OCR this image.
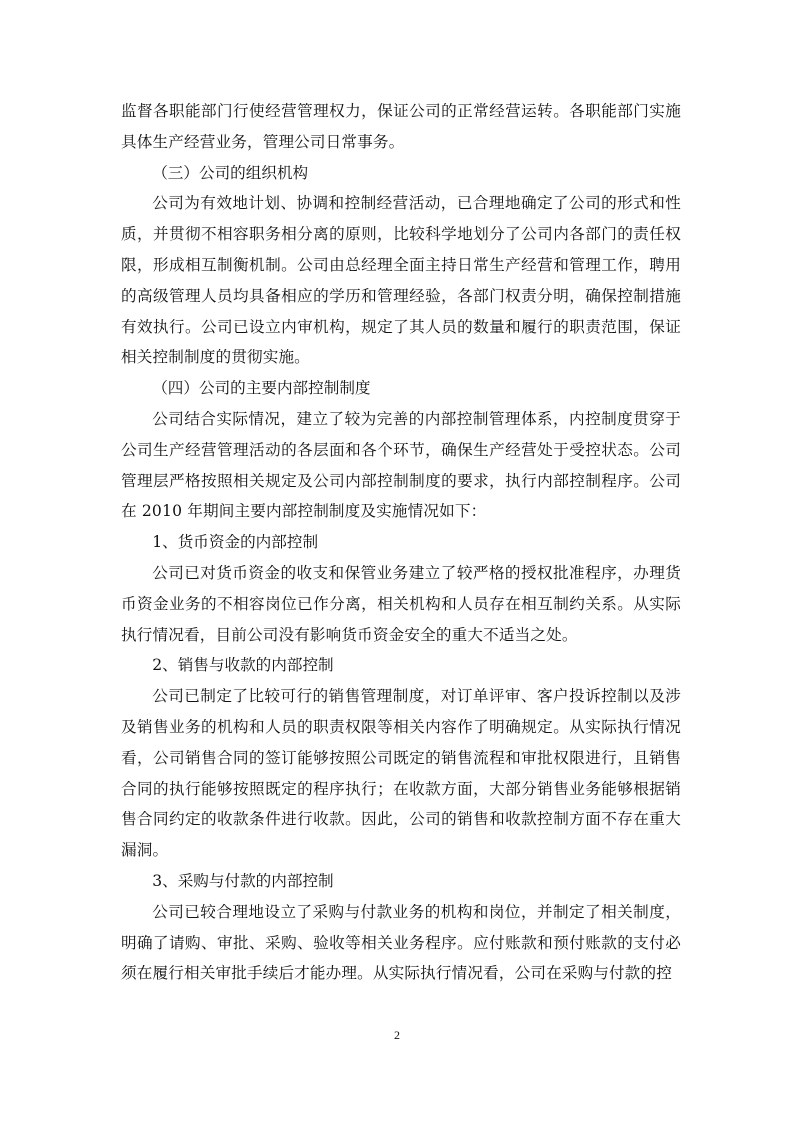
监督各职能部门行使经营管理权力，保证公司的正常经营运转。各职能部门实施具体生产经营业务，管理公司日常事务。

（三）公司的组织机构

公司为有效地计划、协调和控制经营活动，已合理地确定了公司的形式和性质，并贯彻不相容职务相分离的原则，比较科学地划分了公司内各部门的责任权限，形成相互制衡机制。公司由总经理全面主持日常生产经营和管理工作，聘用的高级管理人员均具备相应的学历和管理经验，各部门权责分明，确保控制措施有效执行。公司已设立内审机构，规定了其人员的数量和履行的职责范围，保证相关控制制度的贯彻实施。

（四）公司的主要内部控制制度

公司结合实际情况，建立了较为完善的内部控制管理体系，内控制度贯穿于公司生产经营管理活动的各层面和各个环节，确保生产经营处于受控状态。公司管理层严格按照相关规定及公司内部控制制度的要求，执行内部控制程序。公司在 2010 年期间主要内部控制制度及实施情况如下：

1、货币资金的内部控制

公司已对货币资金的收支和保管业务建立了较严格的授权批准程序，办理货币资金业务的不相容岗位已作分离，相关机构和人员存在相互制约关系。从实际执行情况看，目前公司没有影响货币资金安全的重大不适当之处。

2、销售与收款的内部控制

公司已制定了比较可行的销售管理制度，对订单评审、客户投诉控制以及涉及销售业务的机构和人员的职责权限等相关内容作了明确规定。从实际执行情况看，公司销售合同的签订能够按照公司既定的销售流程和审批权限进行，且销售合同的执行能够按照既定的程序执行；在收款方面，大部分销售业务能够根据销售合同约定的收款条件进行收款。因此，公司的销售和收款控制方面不存在重大漏洞。

3、采购与付款的内部控制

公司已较合理地设立了采购与付款业务的机构和岗位，并制定了相关制度，明确了请购、审批、采购、验收等相关业务程序。应付账款和预付账款的支付必须在履行相关审批手续后才能办理。从实际执行情况看，公司在采购与付款的控

2
